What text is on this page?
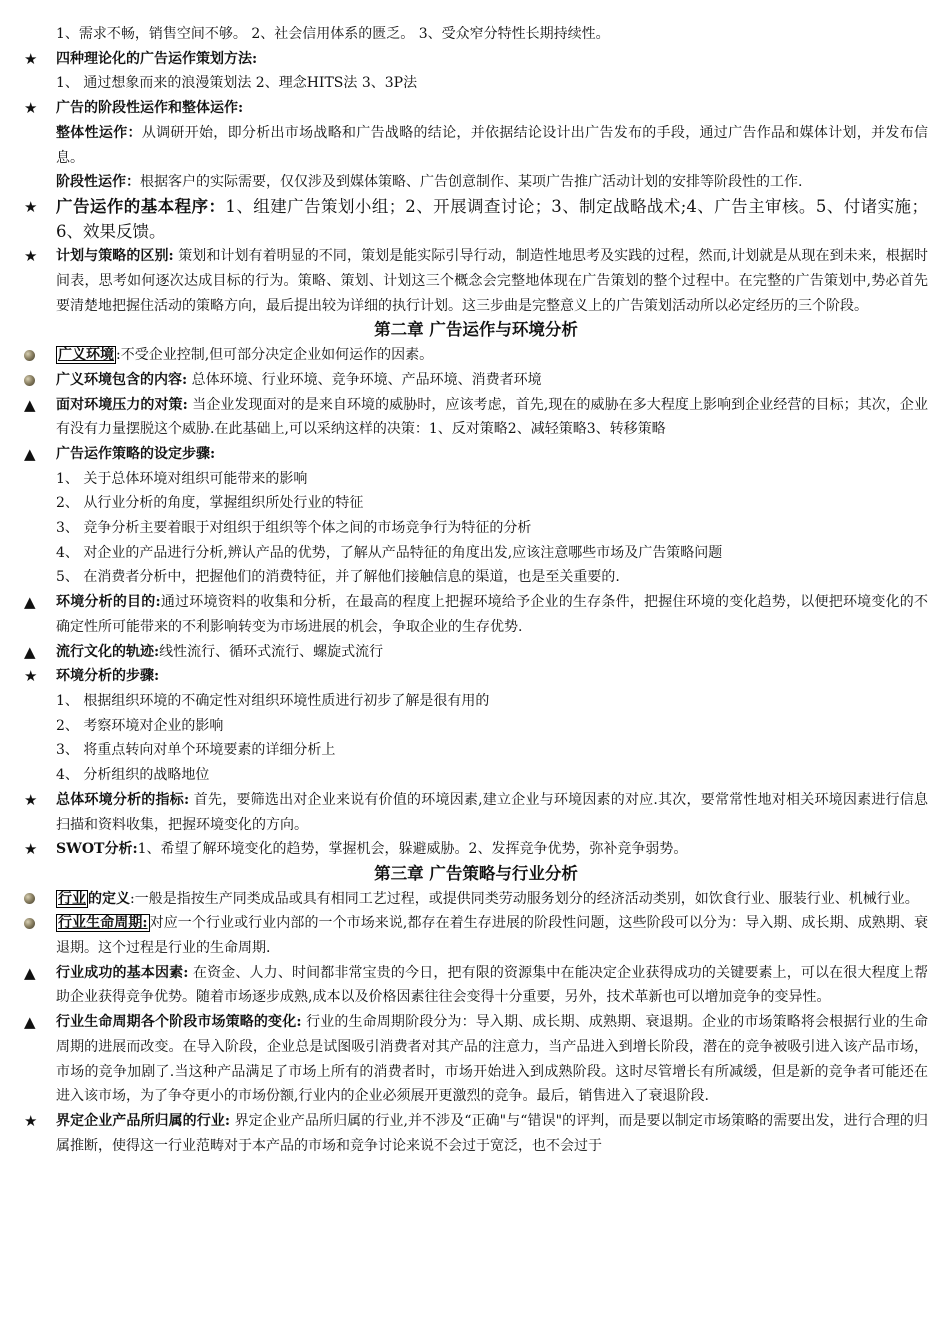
1、需求不畅，销售空间不够。 2、社会信用体系的匮乏。 3、受众窄分特性长期持续性。

★	四种理论化的广告运作策划方法:

1、 通过想象而来的浪漫策划法 2、理念HITS法 3、3P法

★	广告的阶段性运作和整体运作:

整体性运作：从调研开始，即分析出市场战略和广告战略的结论，并依据结论设计出广告发布的手段，通过广告作品和媒体计划，并发布信息。

阶段性运作：根据客户的实际需要，仅仅涉及到媒体策略、广告创意制作、某项广告推广活动计划的安排等阶段性的工作.

★	广告运作的基本程序：1、组建广告策划小组；2、开展调查讨论；3、制定战略战术;4、广告主审核。5、付诸实施；6、效果反馈。
★	计划与策略的区别: 策划和计划有着明显的不同，策划是能实际引导行动，制造性地思考及实践的过程，然而,计划就是从现在到未来，根据时间表，思考如何逐次达成目标的行为。策略、策划、计划这三个概念会完整地体现在广告策划的整个过程中。在完整的广告策划中,势必首先要清楚地把握住活动的策略方向，最后提出较为详细的执行计划。这三步曲是完整意义上的广告策划活动所以必定经历的三个阶段。
第二章 广告运作与环境分析
广义环境 :不受企业控制,但可部分决定企业如何运作的因素。
广义环境包含的内容: 总体环境、行业环境、竞争环境、产品环境、消费者环境
▲	面对环境压力的对策: 当企业发现面对的是来自环境的威胁时，应该考虑，首先,现在的威胁在多大程度上影响到企业经营的目标；其次，企业有没有力量摆脱这个威胁.在此基础上,可以采纳这样的决策：1、反对策略2、减轻策略3、转移策略
▲	广告运作策略的设定步骤:

1、 关于总体环境对组织可能带来的影响

2、 从行业分析的角度，掌握组织所处行业的特征

3、 竞争分析主要着眼于对组织于组织等个体之间的市场竞争行为特征的分析

4、 对企业的产品进行分析,辨认产品的优势，了解从产品特征的角度出发,应该注意哪些市场及广告策略问题

5、 在消费者分析中，把握他们的消费特征，并了解他们接触信息的渠道，也是至关重要的.

▲	环境分析的目的:通过环境资料的收集和分析，在最高的程度上把握环境给予企业的生存条件，把握住环境的变化趋势，以便把环境变化的不确定性所可能带来的不利影响转变为市场进展的机会，争取企业的生存优势.
▲	流行文化的轨迹:线性流行、循环式流行、螺旋式流行
★	环境分析的步骤:

1、 根据组织环境的不确定性对组织环境性质进行初步了解是很有用的

2、 考察环境对企业的影响

3、 将重点转向对单个环境要素的详细分析上

4、 分析组织的战略地位

★	总体环境分析的指标: 首先，要筛选出对企业来说有价值的环境因素,建立企业与环境因素的对应.其次，要常常性地对相关环境因素进行信息扫描和资料收集，把握环境变化的方向。
★	SWOT分析:1、希望了解环境变化的趋势，掌握机会，躲避威胁。2、发挥竞争优势，弥补竞争弱势。
第三章 广告策略与行业分析
行业 的定义:一般是指按生产同类成品或具有相同工艺过程，或提供同类劳动服务划分的经济活动类别，如饮食行业、服装行业、机械行业。
行业生命周期: 对应一个行业或行业内部的一个市场来说,都存在着生存进展的阶段性问题，这些阶段可以分为：导入期、成长期、成熟期、衰退期。这个过程是行业的生命周期.
▲	行业成功的基本因素: 在资金、人力、时间都非常宝贵的今日，把有限的资源集中在能决定企业获得成功的关键要素上，可以在很大程度上帮助企业获得竞争优势。随着市场逐步成熟,成本以及价格因素往往会变得十分重要，另外，技术革新也可以增加竞争的变异性。
▲	行业生命周期各个阶段市场策略的变化: 行业的生命周期阶段分为：导入期、成长期、成熟期、衰退期。企业的市场策略将会根据行业的生命周期的进展而改变。在导入阶段，企业总是试图吸引消费者对其产品的注意力，当产品进入到增长阶段，潜在的竞争被吸引进入该产品市场，市场的竞争加剧了.当这种产品满足了市场上所有的消费者时，市场开始进入到成熟阶段。这时尽管增长有所减缓，但是新的竞争者可能还在进入该市场，为了争夺更小的市场份额,行业内的企业必须展开更激烈的竞争。最后，销售进入了衰退阶段.
★	界定企业产品所归属的行业: 界定企业产品所归属的行业,并不涉及“正确"与“错误"的评判，而是要以制定市场策略的需要出发，进行合理的归属推断，使得这一行业范畴对于本产品的市场和竞争讨论来说不会过于宽泛，也不会过于
